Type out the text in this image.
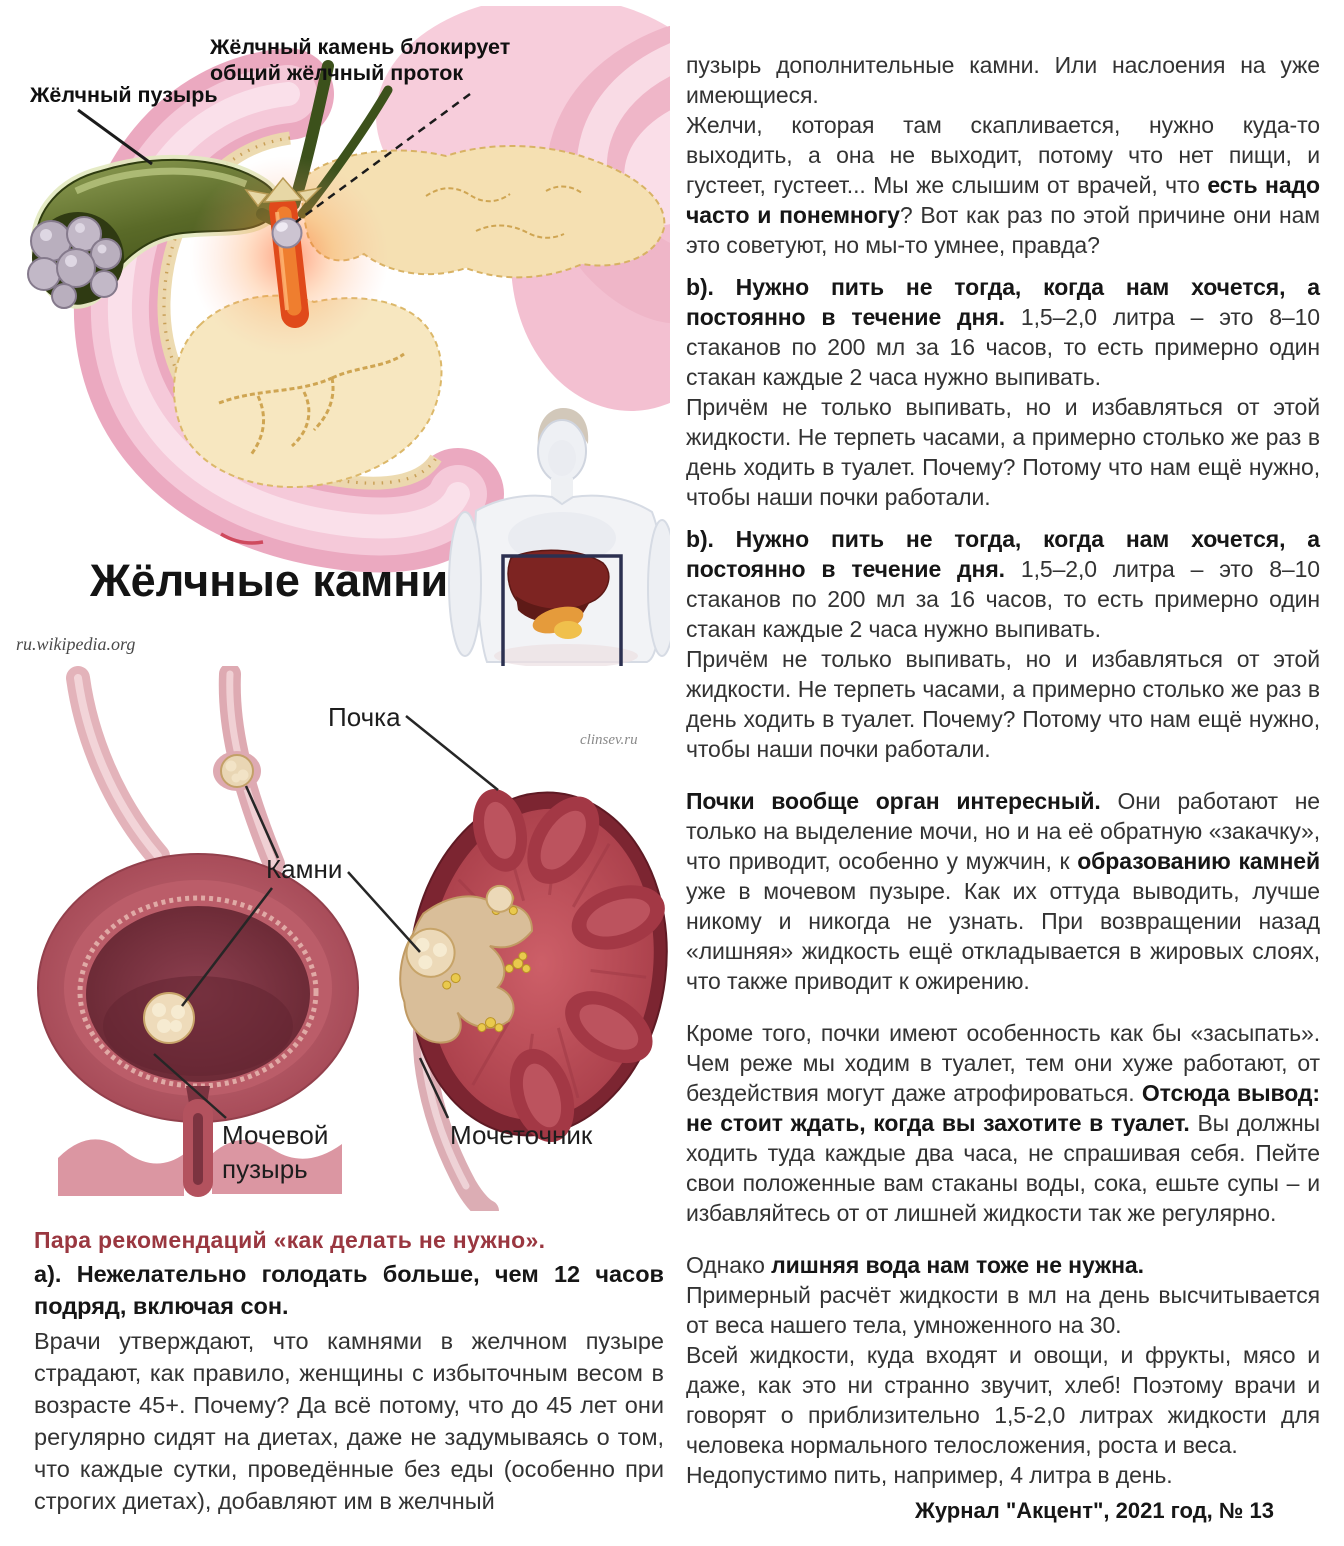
Жёлчный камень блокирует
общий жёлчный проток
Жёлчный пузырь
Жёлчные камни
ru.wikipedia.org
Почка
clinsev.ru
Камни
Мочевой
пузырь
Мочеточник
Пара рекомендаций «как делать не нужно».

а). Нежелательно голодать больше, чем 12 часов подряд, включая сон.

Врачи утверждают, что камнями в желчном пузыре страдают, как правило, женщины с избыточным весом в возрасте 45+. Почему? Да всё потому, что до 45 лет они регулярно сидят на диетах, даже не задумываясь о том, что каждые сутки, проведённые без еды (особенно при строгих диетах), добавляют им в желчный

пузырь дополнительные камни. Или наслоения на уже имеющиеся.

Желчи, которая там скапливается, нужно куда-то выходить, а она не выходит, потому что нет пищи, и густеет, густеет... Мы же слышим от врачей, что есть надо часто и понемногу? Вот как раз по этой причине они нам это советуют, но мы-то умнее, правда?

b). Нужно пить не тогда, когда нам хочется, а постоянно в течение дня. 1,5–2,0 литра – это 8–10 стаканов по 200 мл за 16 часов, то есть примерно один стакан каждые 2 часа нужно выпивать.

Причём не только выпивать, но и избавляться от этой жидкости. Не терпеть часами, а примерно столько же раз в день ходить в туалет. Почему? Потому что нам ещё нужно, чтобы наши почки работали.

b). Нужно пить не тогда, когда нам хочется, а постоянно в течение дня. 1,5–2,0 литра – это 8–10 стаканов по 200 мл за 16 часов, то есть примерно один стакан каждые 2 часа нужно выпивать.

Причём не только выпивать, но и избавляться от этой жидкости. Не терпеть часами, а примерно столько же раз в день ходить в туалет. Почему? Потому что нам ещё нужно, чтобы наши почки работали.

Почки вообще орган интересный. Они работают не только на выделение мочи, но и на её обратную «закачку», что приводит, особенно у мужчин, к образованию камней уже в мочевом пузыре. Как их оттуда выводить, лучше никому и никогда не узнать. При возвращении назад «лишняя» жидкость ещё откладывается в жировых слоях, что также приводит к ожирению.

Кроме того, почки имеют особенность как бы «засыпать». Чем реже мы ходим в туалет, тем они хуже работают, от бездействия могут даже атрофироваться. Отсюда вывод: не стоит ждать, когда вы захотите в туалет. Вы должны ходить туда каждые два часа, не спрашивая себя. Пейте свои положенные вам стаканы воды, сока, ешьте супы – и избавляйтесь от от лишней жидкости так же регулярно.

Однако лишняя вода нам тоже не нужна.

Примерный расчёт жидкости в мл на день высчитывается от веса нашего тела, умноженного на 30.

Всей жидкости, куда входят и овощи, и фрукты, мясо и даже, как это ни странно звучит, хлеб! Поэтому врачи и говорят о приблизительно 1,5-2,0 литрах жидкости для человека нормального телосложения, роста и веса.

Недопустимо пить, например, 4 литра в день.

Журнал "Акцент", 2021 год, № 13
